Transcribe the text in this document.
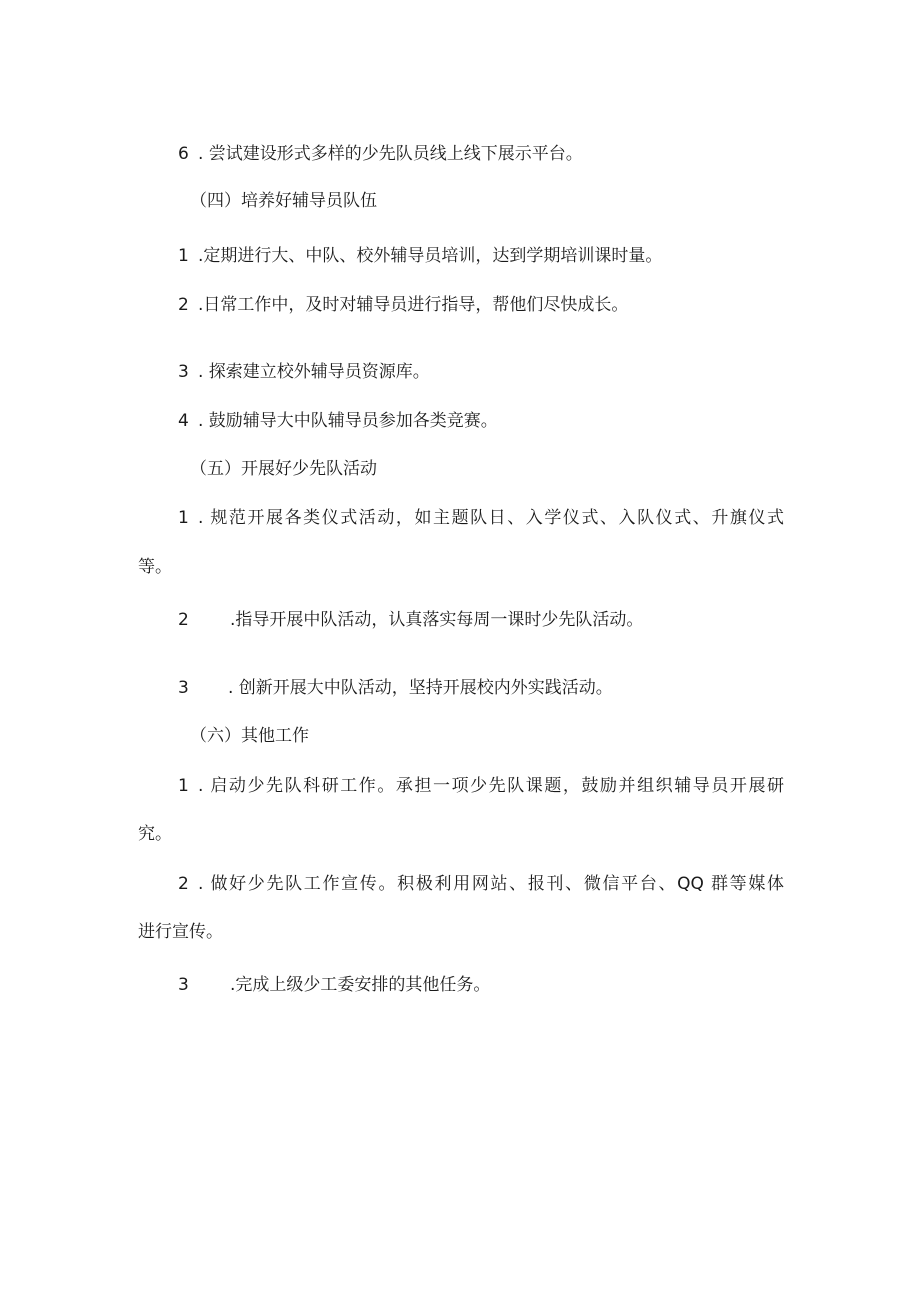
6 . 尝试建设形式多样的少先队员线上线下展示平台。
（四）培养好辅导员队伍
1 .定期进行大、中队、校外辅导员培训，达到学期培训课时量。
2 .日常工作中，及时对辅导员进行指导，帮他们尽快成长。
3 . 探索建立校外辅导员资源库。
4 . 鼓励辅导大中队辅导员参加各类竞赛。
（五）开展好少先队活动
1 . 规范开展各类仪式活动，如主题队日、入学仪式、入队仪式、升旗仪式
等。
2 .指导开展中队活动，认真落实每周一课时少先队活动。
3 . 创新开展大中队活动，坚持开展校内外实践活动。
（六）其他工作
1 . 启动少先队科研工作。承担一项少先队课题，鼓励并组织辅导员开展研
究。
2 . 做好少先队工作宣传。积极利用网站、报刊、微信平台、QQ 群等媒体
进行宣传。
3 .完成上级少工委安排的其他任务。
